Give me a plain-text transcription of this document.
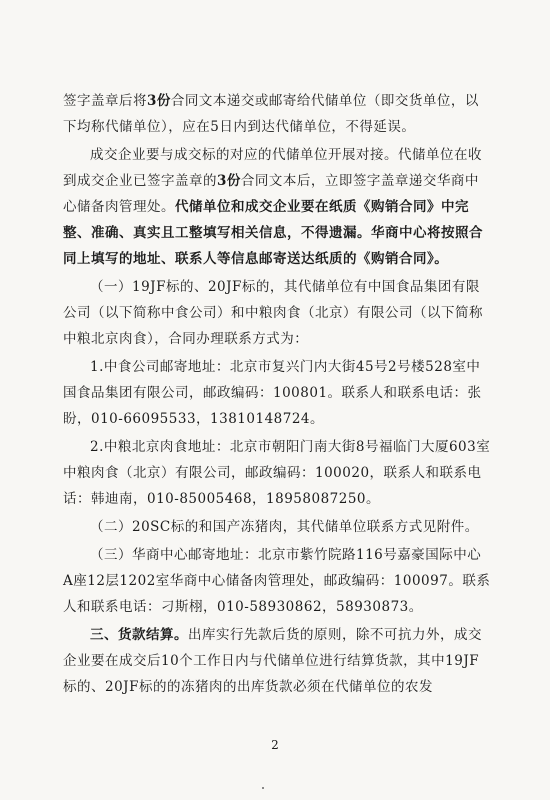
签字盖章后将3份合同文本递交或邮寄给代储单位（即交货单位，以下均称代储单位），应在5日内到达代储单位，不得延误。

成交企业要与成交标的对应的代储单位开展对接。代储单位在收到成交企业已签字盖章的3份合同文本后，立即签字盖章递交华商中心储备肉管理处。代储单位和成交企业要在纸质《购销合同》中完整、准确、真实且工整填写相关信息，不得遗漏。华商中心将按照合同上填写的地址、联系人等信息邮寄送达纸质的《购销合同》。

（一）19JF标的、20JF标的，其代储单位有中国食品集团有限公司（以下简称中食公司）和中粮肉食（北京）有限公司（以下简称中粮北京肉食），合同办理联系方式为：

1.中食公司邮寄地址：北京市复兴门内大街45号2号楼528室中国食品集团有限公司，邮政编码：100801。联系人和联系电话：张盼，010-66095533，13810148724。

2.中粮北京肉食地址：北京市朝阳门南大街8号福临门大厦603室中粮肉食（北京）有限公司，邮政编码：100020，联系人和联系电话：韩迪南，010-85005468，18958087250。

（二）20SC标的和国产冻猪肉，其代储单位联系方式见附件。

（三）华商中心邮寄地址：北京市紫竹院路116号嘉豪国际中心A座12层1202室华商中心储备肉管理处，邮政编码：100097。联系人和联系电话：刁斯栩，010-58930862，58930873。

三、货款结算。出库实行先款后货的原则，除不可抗力外，成交企业要在成交后10个工作日内与代储单位进行结算货款，其中19JF标的、20JF标的的冻猪肉的出库货款必须在代储单位的农发

2
